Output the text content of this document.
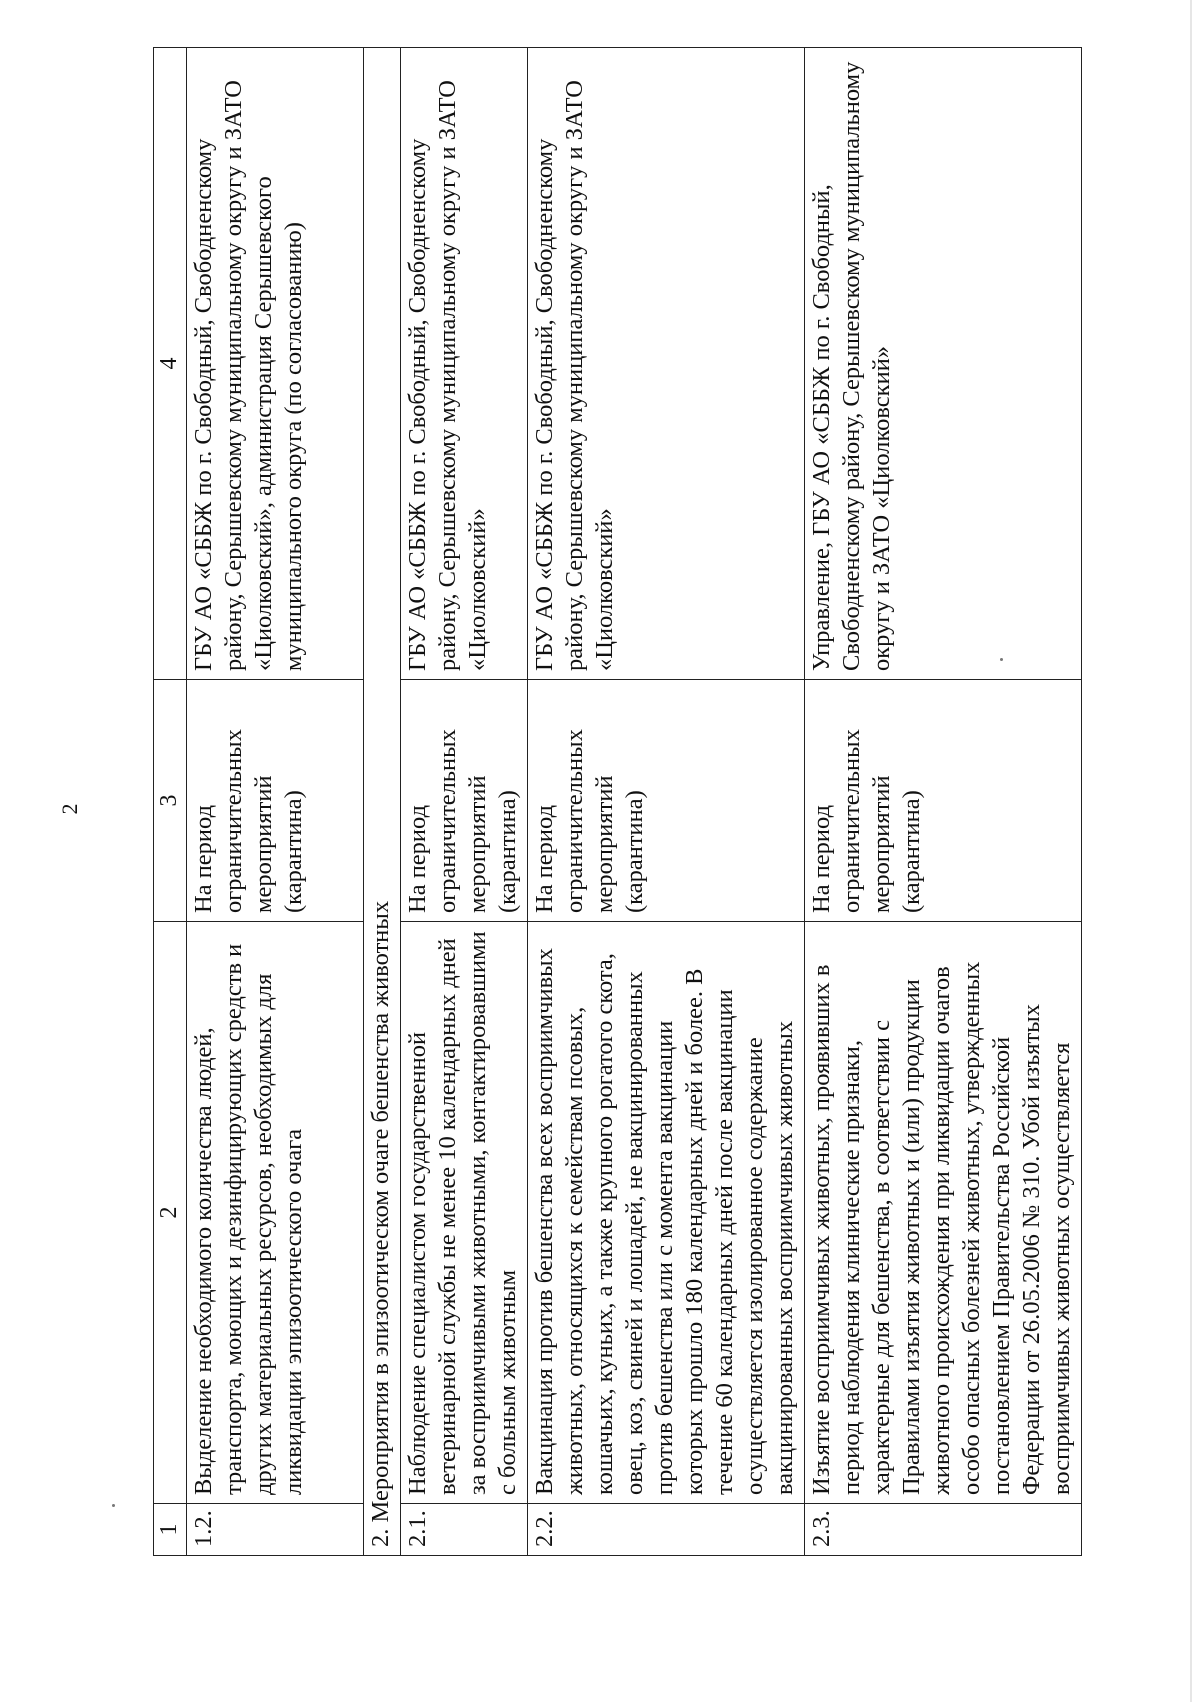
2
1	2	3	4
1.2.	Выделение необходимого количества людей, транспорта, моющих и дезинфицирующих средств и других материальных ресурсов, необходимых для ликвидации эпизоотического очага	На период ограничительных мероприятий (карантина)	ГБУ АО «СББЖ по г. Свободный, Свободненскому району, Серышевскому муниципальному округу и ЗАТО «Циолковский», администрация Серышевского муниципального округа (по согласованию)
2. Мероприятия в эпизоотическом очаге бешенства животных			
2.1.	Наблюдение специалистом государственной ветеринарной службы не менее 10 календарных дней за восприимчивыми животными, контактировавшими с больным животным	На период ограничительных мероприятий (карантина)	ГБУ АО «СББЖ по г. Свободный, Свободненскому району, Серышевскому муниципальному округу и ЗАТО «Циолковский»
2.2.	Вакцинация против бешенства всех восприимчивых животных, относящихся к семействам псовых, кошачьих, куньих, а также крупного рогатого скота, овец, коз, свиней и лошадей, не вакцинированных против бешенства или с момента вакцинации которых прошло 180 календарных дней и более. В течение 60 календарных дней после вакцинации осуществляется изолированное содержание вакцинированных восприимчивых животных	На период ограничительных мероприятий (карантина)	ГБУ АО «СББЖ по г. Свободный, Свободненскому району, Серышевскому муниципальному округу и ЗАТО «Циолковский»
2.3.	Изъятие восприимчивых животных, проявивших в период наблюдения клинические признаки, характерные для бешенства, в соответствии с Правилами изъятия животных и (или) продукции животного происхождения при ликвидации очагов особо опасных болезней животных, утвержденных постановлением Правительства Российской Федерации от 26.05.2006 № 310. Убой изъятых восприимчивых животных осуществляется	На период ограничительных мероприятий (карантина)	Управление, ГБУ АО «СББЖ по г. Свободный, Свободненскому району, Серышевскому муниципальному округу и ЗАТО «Циолковский»
